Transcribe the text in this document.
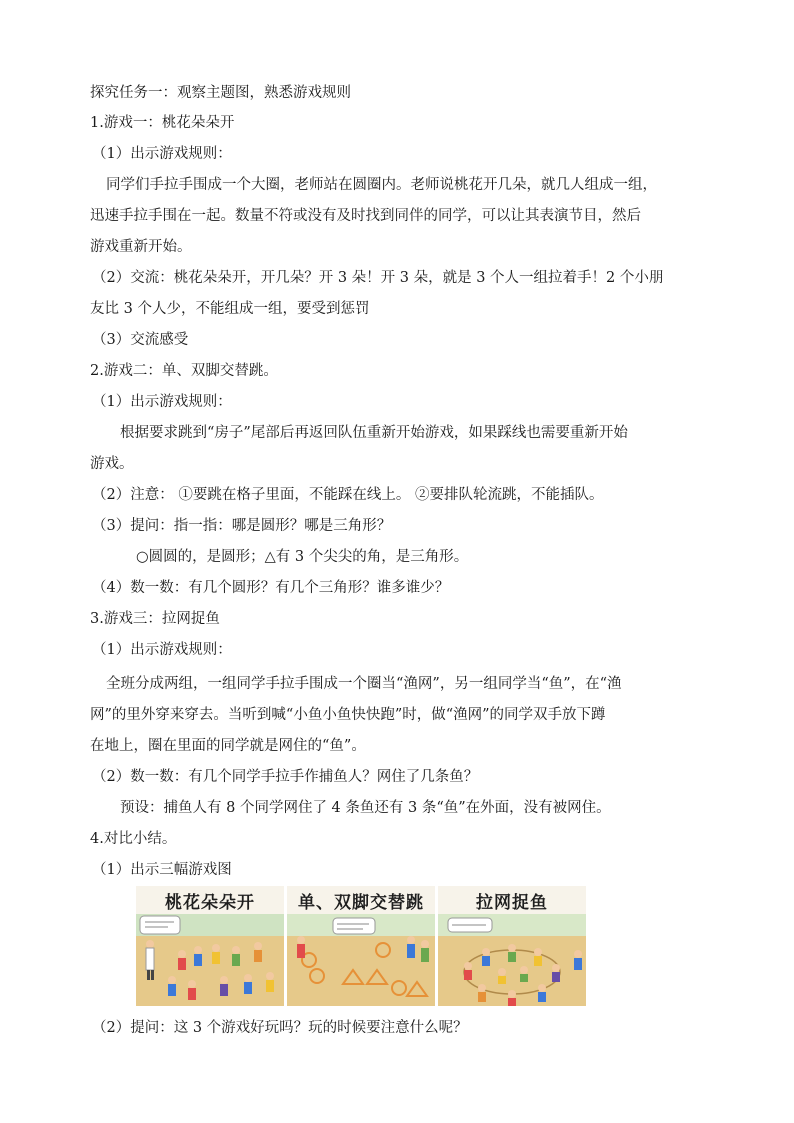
探究任务一：观察主题图，熟悉游戏规则
1.游戏一：桃花朵朵开
（1）出示游戏规则：
同学们手拉手围成一个大圈，老师站在圆圈内。老师说桃花开几朵，就几人组成一组，
迅速手拉手围在一起。数量不符或没有及时找到同伴的同学，可以让其表演节目，然后
游戏重新开始。
（2）交流：桃花朵朵开，开几朵？开 3 朵！开 3 朵，就是 3 个人一组拉着手！2 个小朋
友比 3 个人少，不能组成一组，要受到惩罚
（3）交流感受
2.游戏二：单、双脚交替跳。
（1）出示游戏规则：
根据要求跳到“房子”尾部后再返回队伍重新开始游戏，如果踩线也需要重新开始
游戏。
（2）注意： ①要跳在格子里面，不能踩在线上。 ②要排队轮流跳，不能插队。
（3）提问：指一指：哪是圆形？哪是三角形？
○圆圆的，是圆形；△有 3 个尖尖的角，是三角形。
（4）数一数：有几个圆形？有几个三角形？谁多谁少？
3.游戏三：拉网捉鱼
（1）出示游戏规则：
全班分成两组，一组同学手拉手围成一个圈当“渔网”，另一组同学当“鱼”，在“渔
网”的里外穿来穿去。当听到喊“小鱼小鱼快快跑”时，做“渔网”的同学双手放下蹲
在地上，圈在里面的同学就是网住的“鱼”。
（2）数一数：有几个同学手拉手作捕鱼人？网住了几条鱼？
预设：捕鱼人有 8 个同学网住了 4 条鱼还有 3 条“鱼”在外面，没有被网住。
4.对比小结。
（1）出示三幅游戏图
桃花朵朵开	单、双脚交替跳	拉网捉鱼
（2）提问：这 3 个游戏好玩吗？玩的时候要注意什么呢？
